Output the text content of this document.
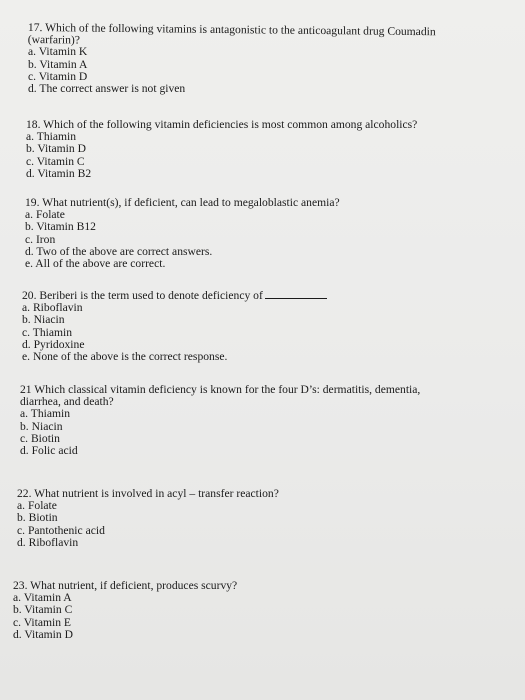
17. Which of the following vitamins is antagonistic to the anticoagulant drug Coumadin
(warfarin)?
a. Vitamin K
b. Vitamin A
c. Vitamin D
d. The correct answer is not given
18. Which of the following vitamin deficiencies is most common among alcoholics?
a. Thiamin
b. Vitamin D
c. Vitamin C
d. Vitamin B2
19. What nutrient(s), if deficient, can lead to megaloblastic anemia?
a. Folate
b. Vitamin B12
c. Iron
d. Two of the above are correct answers.
e. All of the above are correct.
20. Beriberi is the term used to denote deficiency of
a. Riboflavin
b. Niacin
c. Thiamin
d. Pyridoxine
e. None of the above is the correct response.
21 Which classical vitamin deficiency is known for the four D’s: dermatitis, dementia,
diarrhea, and death?
a. Thiamin
b. Niacin
c. Biotin
d. Folic acid
22. What nutrient is involved in acyl – transfer reaction?
a. Folate
b. Biotin
c. Pantothenic acid
d. Riboflavin
23. What nutrient, if deficient, produces scurvy?
a. Vitamin A
b. Vitamin C
c. Vitamin E
d. Vitamin D
